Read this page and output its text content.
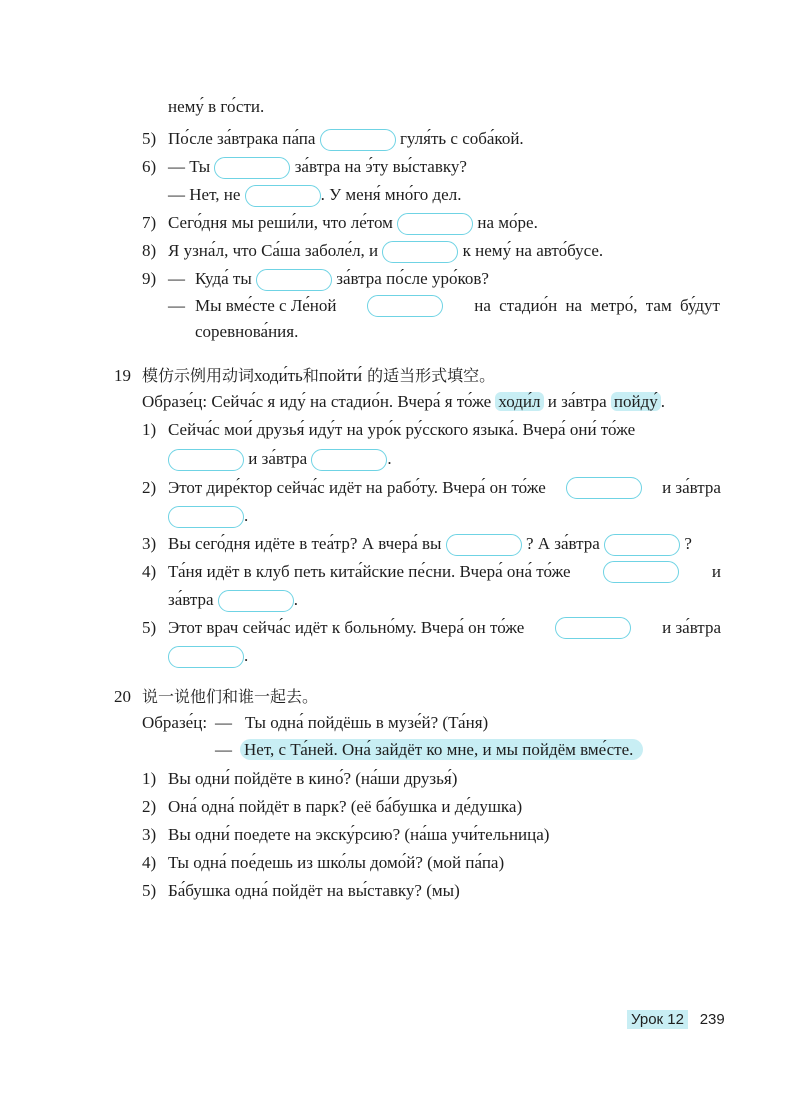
нему́ в го́сти.
5) По́сле за́втрака па́па	гуля́ть с соба́кой.
6) — Ты	за́втра на э́ту вы́ставку?
— Нет, не	. У меня́ мно́го дел.
7) Сего́дня мы реши́ли, что ле́том	на мо́ре.
8) Я узна́л, что Са́ша заболе́л, и	к нему́ на авто́бусе.
9) — Куда́ ты	за́втра по́сле уро́ков?
— Мы вме́сте с Ле́ной	на стадио́н на метро́, там бу́дут
соревнова́ния.
19 模仿示例用动词ходи́ть和пойти́ 的适当形式填空。
Образе́ц: Сейча́с я иду́ на стадио́н. Вчера́ я то́же ходи́л и за́втра пойду́ .
1) Сейча́с мои́ друзья́ иду́т на уро́к ру́сского языка́. Вчера́ они́ то́же
и за́втра	.
2) Этот дире́ктор сейча́с идёт на рабо́ту. Вчера́ он то́же	и за́втра
.
3) Вы сего́дня идёте в теа́тр? А вчера́ вы	? А за́втра	?
4) Та́ня идёт в клуб петь кита́йские пе́сни. Вчера́ она́ то́же	и
за́втра	.
5) Этот врач сейча́с идёт к больно́му. Вчера́ он то́же	и за́втра
.
20 说一说他们和谁一起去。
Образе́ц: — Ты одна́ пойдёшь в музе́й? (Та́ня)
— Нет, с Та́ней. Она́ зайдёт ко мне, и мы пойдём вме́сте.
1) Вы одни́ пойдёте в кино́? (на́ши друзья́)
2) Она́ одна́ пойдёт в парк? (её ба́бушка и де́душка)
3) Вы одни́ поедете на экску́рсию? (на́ша учи́тельница)
4) Ты одна́ пое́дешь из шко́лы домо́й? (мой па́па)
5) Ба́бушка одна́ пойдёт на вы́ставку? (мы)
Урок 12 239
